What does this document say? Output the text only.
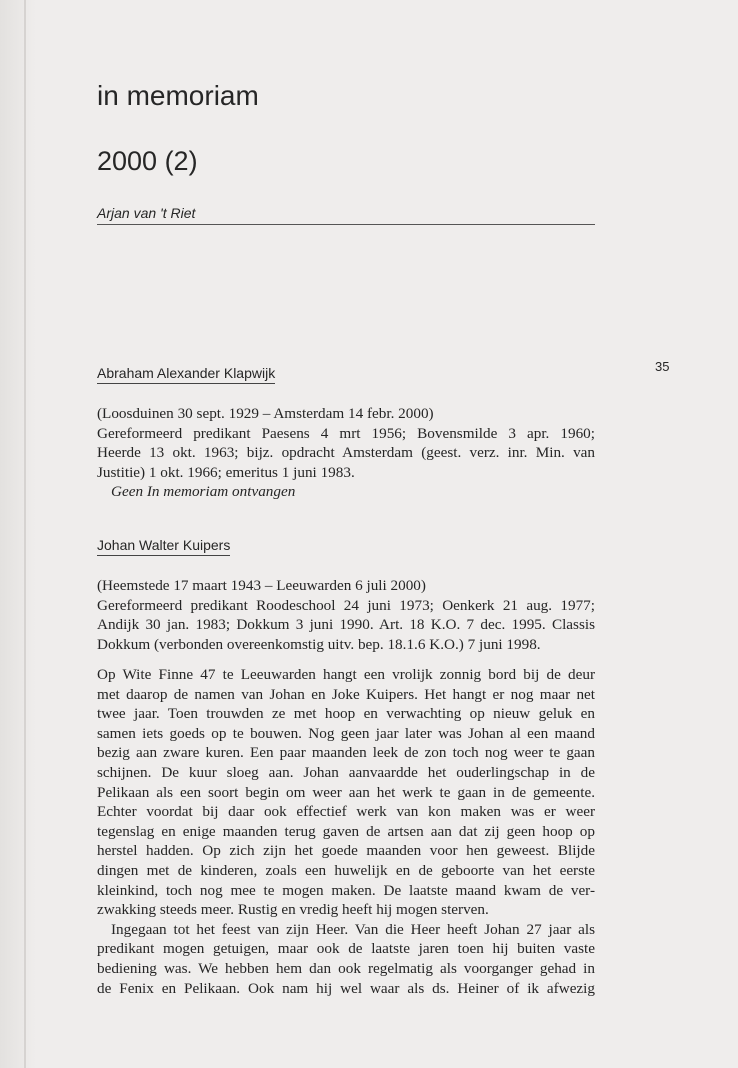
in memoriam
2000 (2)
Arjan van 't Riet
35
Abraham Alexander Klapwijk
(Loosduinen 30 sept. 1929 – Amsterdam 14 febr. 2000)
Gereformeerd predikant Paesens 4 mrt 1956; Bovensmilde 3 apr. 1960;
Heerde 13 okt. 1963; bijz. opdracht Amsterdam (geest. verz. inr. Min. van
Justitie) 1 okt. 1966; emeritus 1 juni 1983.
Geen In memoriam ontvangen
Johan Walter Kuipers
(Heemstede 17 maart 1943 – Leeuwarden 6 juli 2000)
Gereformeerd predikant Roodeschool 24 juni 1973; Oenkerk 21 aug. 1977;
Andijk 30 jan. 1983; Dokkum 3 juni 1990. Art. 18 K.O. 7 dec. 1995. Classis
Dokkum (verbonden overeenkomstig uitv. bep. 18.1.6 K.O.) 7 juni 1998.
Op Wite Finne 47 te Leeuwarden hangt een vrolijk zonnig bord bij de deur
met daarop de namen van Johan en Joke Kuipers. Het hangt er nog maar net
twee jaar. Toen trouwden ze met hoop en verwachting op nieuw geluk en
samen iets goeds op te bouwen. Nog geen jaar later was Johan al een maand
bezig aan zware kuren. Een paar maanden leek de zon toch nog weer te gaan
schijnen. De kuur sloeg aan. Johan aanvaardde het ouderlingschap in de
Pelikaan als een soort begin om weer aan het werk te gaan in de gemeente.
Echter voordat bij daar ook effectief werk van kon maken was er weer
tegenslag en enige maanden terug gaven de artsen aan dat zij geen hoop op
herstel hadden. Op zich zijn het goede maanden voor hen geweest. Blijde
dingen met de kinderen, zoals een huwelijk en de geboorte van het eerste
kleinkind, toch nog mee te mogen maken. De laatste maand kwam de ver-
zwakking steeds meer. Rustig en vredig heeft hij mogen sterven.
Ingegaan tot het feest van zijn Heer. Van die Heer heeft Johan 27 jaar als
predikant mogen getuigen, maar ook de laatste jaren toen hij buiten vaste
bediening was. We hebben hem dan ook regelmatig als voorganger gehad in
de Fenix en Pelikaan. Ook nam hij wel waar als ds. Heiner of ik afwezig
